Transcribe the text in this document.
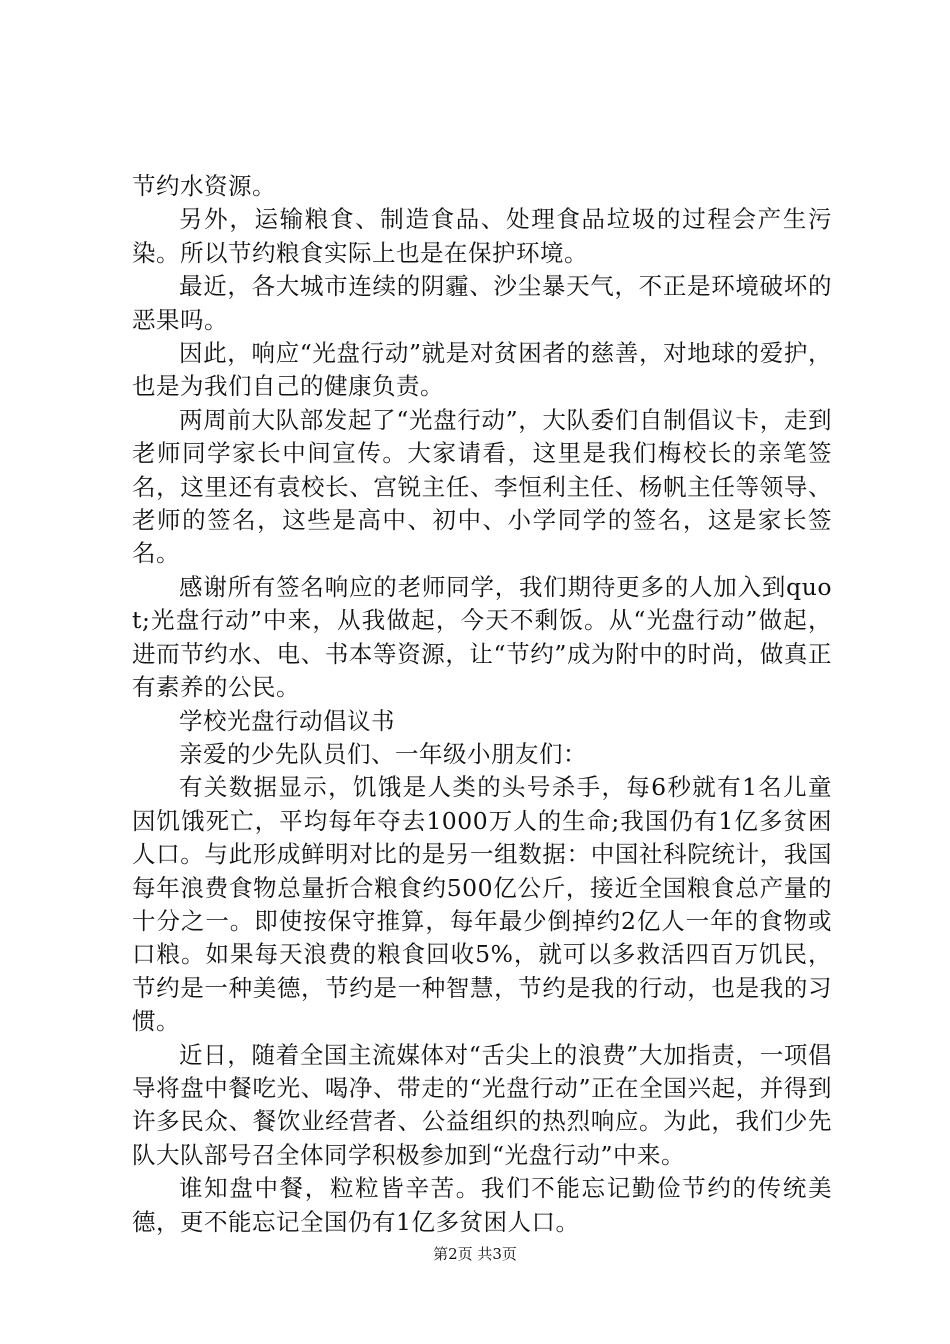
节约水资源。

另外，运输粮食、制造食品、处理食品垃圾的过程会产生污染。所以节约粮食实际上也是在保护环境。

最近，各大城市连续的阴霾、沙尘暴天气，不正是环境破坏的恶果吗。

因此，响应“光盘行动”就是对贫困者的慈善，对地球的爱护，也是为我们自己的健康负责。

两周前大队部发起了“光盘行动”，大队委们自制倡议卡，走到老师同学家长中间宣传。大家请看，这里是我们梅校长的亲笔签名，这里还有袁校长、宫锐主任、李恒利主任、杨帆主任等领导、老师的签名，这些是高中、初中、小学同学的签名，这是家长签名。

感谢所有签名响应的老师同学，我们期待更多的人加入到quot;光盘行动”中来，从我做起，今天不剩饭。从“光盘行动”做起，进而节约水、电、书本等资源，让“节约”成为附中的时尚，做真正有素养的公民。

学校光盘行动倡议书

亲爱的少先队员们、一年级小朋友们：

有关数据显示，饥饿是人类的头号杀手，每6秒就有1名儿童因饥饿死亡，平均每年夺去1000万人的生命;我国仍有1亿多贫困人口。与此形成鲜明对比的是另一组数据：中国社科院统计，我国每年浪费食物总量折合粮食约500亿公斤，接近全国粮食总产量的十分之一。即使按保守推算，每年最少倒掉约2亿人一年的食物或口粮。如果每天浪费的粮食回收5%，就可以多救活四百万饥民，节约是一种美德，节约是一种智慧，节约是我的行动，也是我的习惯。

近日，随着全国主流媒体对“舌尖上的浪费”大加指责，一项倡导将盘中餐吃光、喝净、带走的“光盘行动”正在全国兴起，并得到许多民众、餐饮业经营者、公益组织的热烈响应。为此，我们少先队大队部号召全体同学积极参加到“光盘行动”中来。

谁知盘中餐，粒粒皆辛苦。我们不能忘记勤俭节约的传统美德，更不能忘记全国仍有1亿多贫困人口。

第2页 共3页
